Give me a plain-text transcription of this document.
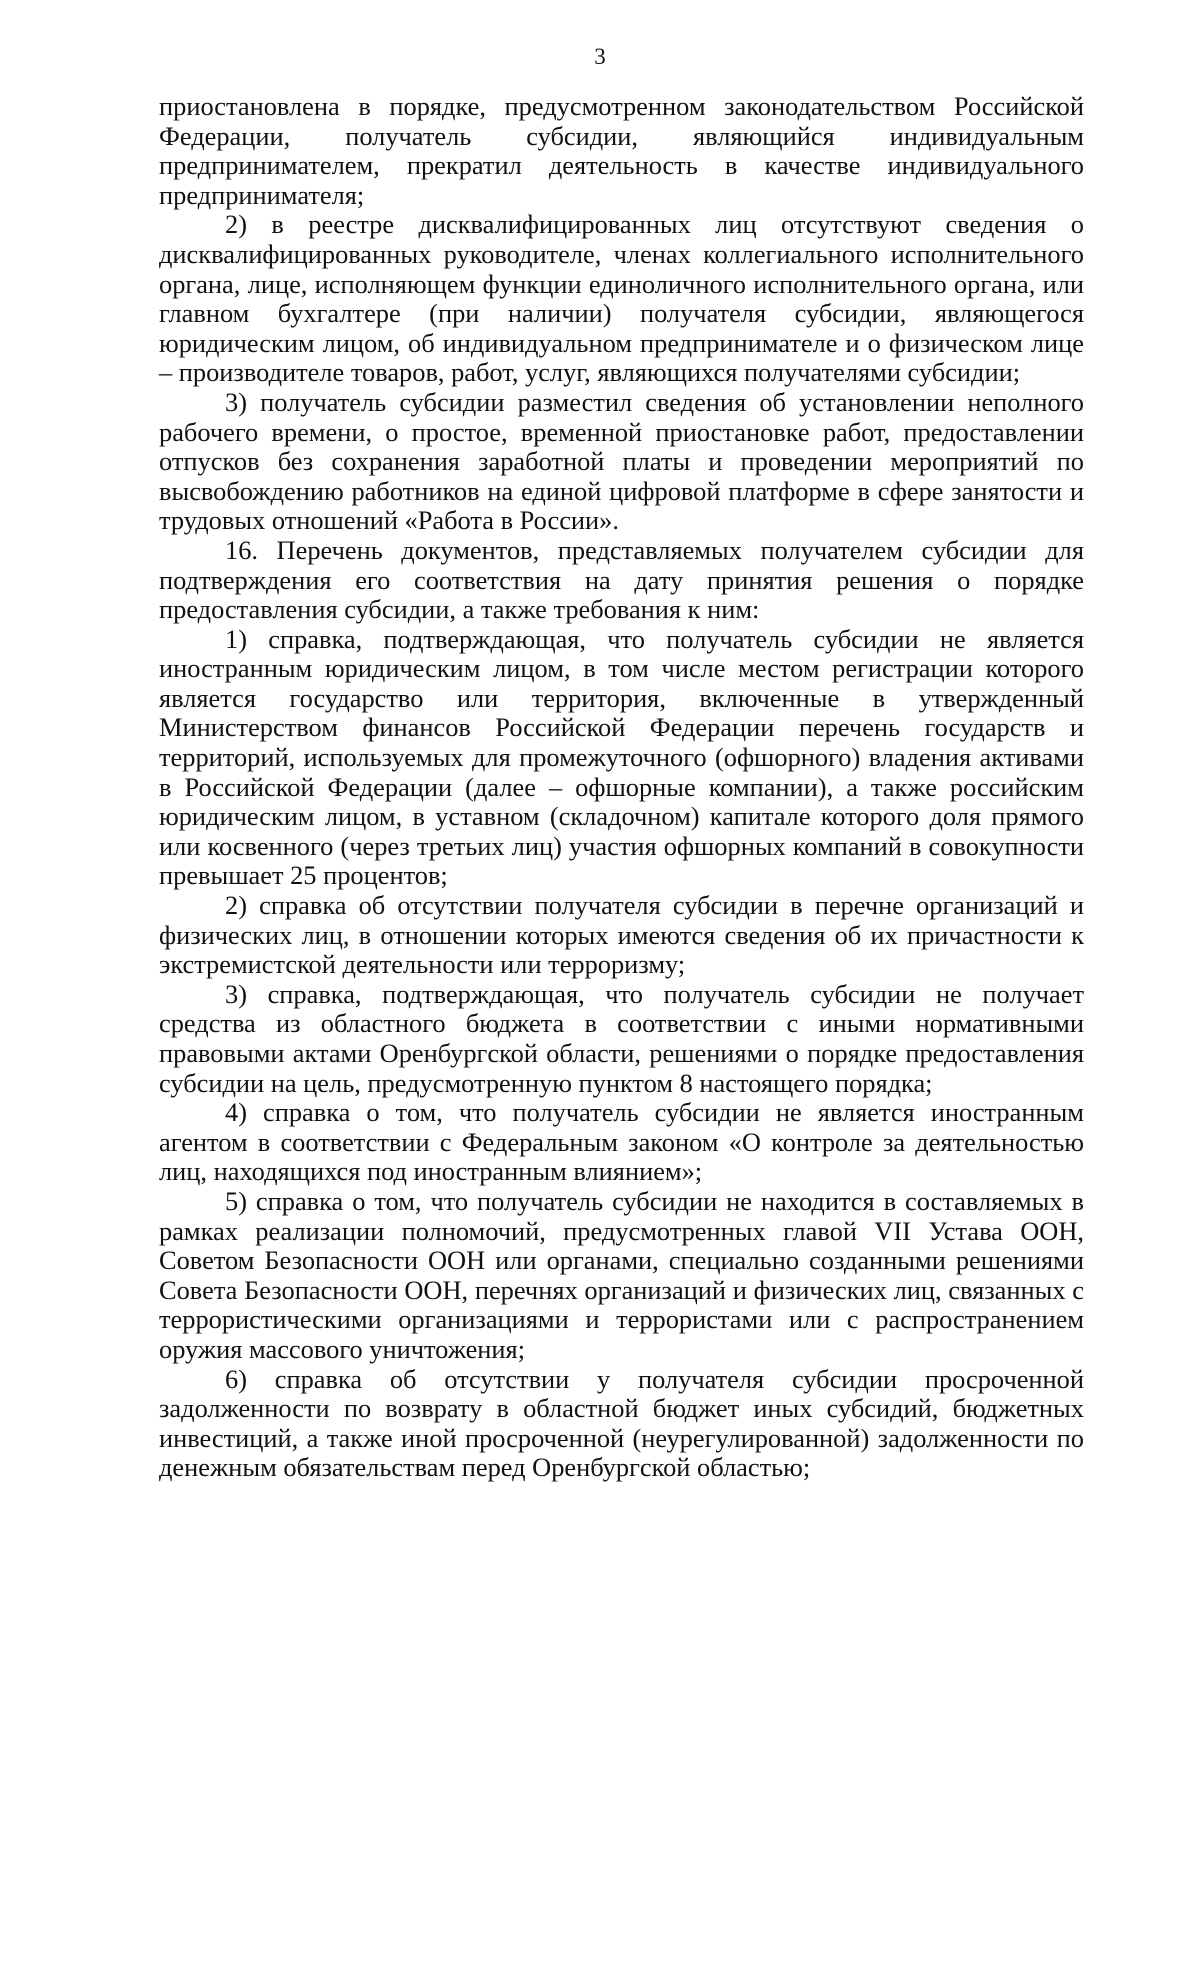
3

приостановлена в порядке, предусмотренном законодательством Российской Федерации, получатель субсидии, являющийся индивидуальным предпринимателем, прекратил деятельность в качестве индивидуального предпринимателя;

2) в реестре дисквалифицированных лиц отсутствуют сведения о дисквалифицированных руководителе, членах коллегиального исполнительного органа, лице, исполняющем функции единоличного исполнительного органа, или главном бухгалтере (при наличии) получателя субсидии, являющегося юридическим лицом, об индивидуальном предпринимателе и о физическом лице – производителе товаров, работ, услуг, являющихся получателями субсидии;

3) получатель субсидии разместил сведения об установлении неполного рабочего времени, о простое, временной приостановке работ, предоставлении отпусков без сохранения заработной платы и проведении мероприятий по высвобождению работников на единой цифровой платформе в сфере занятости и трудовых отношений «Работа в России».

16. Перечень документов, представляемых получателем субсидии для подтверждения его соответствия на дату принятия решения о порядке предоставления субсидии, а также требования к ним:

1) справка, подтверждающая, что получатель субсидии не является иностранным юридическим лицом, в том числе местом регистрации которого является государство или территория, включенные в утвержденный Министерством финансов Российской Федерации перечень государств и территорий, используемых для промежуточного (офшорного) владения активами в Российской Федерации (далее – офшорные компании), а также российским юридическим лицом, в уставном (складочном) капитале которого доля прямого или косвенного (через третьих лиц) участия офшорных компаний в совокупности превышает 25 процентов;

2) справка об отсутствии получателя субсидии в перечне организаций и физических лиц, в отношении которых имеются сведения об их причастности к экстремистской деятельности или терроризму;

3) справка, подтверждающая, что получатель субсидии не получает средства из областного бюджета в соответствии с иными нормативными правовыми актами Оренбургской области, решениями о порядке предоставления субсидии на цель, предусмотренную пунктом 8 настоящего порядка;

4) справка о том, что получатель субсидии не является иностранным агентом в соответствии с Федеральным законом «О контроле за деятельностью лиц, находящихся под иностранным влиянием»;

5) справка о том, что получатель субсидии не находится в составляемых в рамках реализации полномочий, предусмотренных главой VII Устава ООН, Советом Безопасности ООН или органами, специально созданными решениями Совета Безопасности ООН, перечнях организаций и физических лиц, связанных с террористическими организациями и террористами или с распространением оружия массового уничтожения;

6) справка об отсутствии у получателя субсидии просроченной задолженности по возврату в областной бюджет иных субсидий, бюджетных инвестиций, а также иной просроченной (неурегулированной) задолженности по денежным обязательствам перед Оренбургской областью;
